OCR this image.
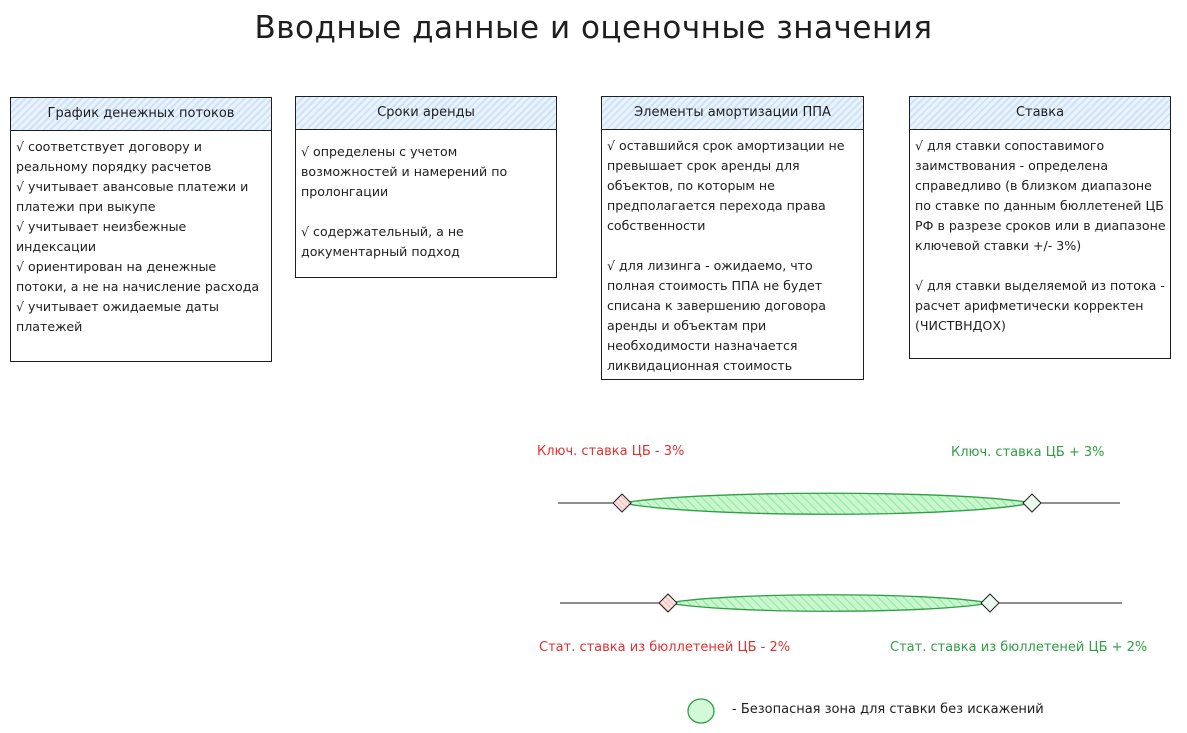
Вводные данные и оценочные значения
График денежных потоков

√ соответствует договору и реальному порядку расчетов

√ учитывает авансовые платежи и платежи при выкупе

√ учитывает неизбежные индексации

√ ориентирован на денежные потоки, а не на начисление расхода

√ учитывает ожидаемые даты платежей

Сроки аренды

√ определены с учетом возможностей и намерений по пролонгации

√ содержательный, а не документарный подход

Элементы амортизации ППА

√ оставшийся срок амортизации не превышает срок аренды для объектов, по которым не предполагается перехода права собственности

√ для лизинга - ожидаемо, что полная стоимость ППА не будет списана к завершению договора аренды и объектам при необходимости назначается ликвидационная стоимость

Ставка

√ для ставки сопоставимого заимствования - определена справедливо (в близком диапазоне по ставке по данным бюллетеней ЦБ РФ в разрезе сроков или в диапазоне ключевой ставки +/- 3%)

√ для ставки выделяемой из потока - расчет арифметически корректен (ЧИСТВНДОХ)

Ключ. ставка ЦБ - 3%	Ключ. ставка ЦБ + 3%
Стат. ставка из бюллетеней ЦБ - 2%	Стат. ставка из бюллетеней ЦБ + 2%
- Безопасная зона для ставки без искажений
